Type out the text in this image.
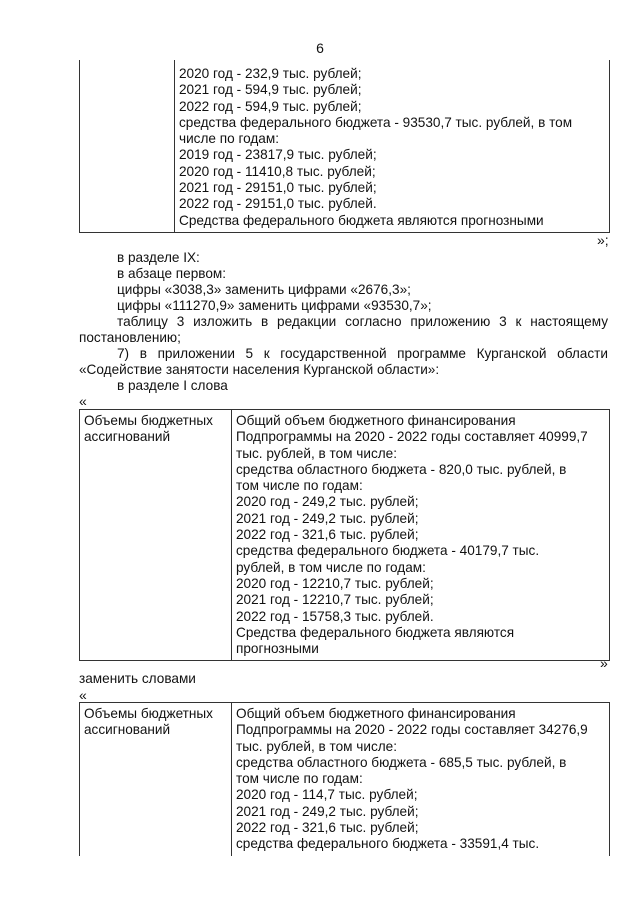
6

2020 год - 232,9 тыс. рублей;
2021 год - 594,9 тыс. рублей;
2022 год - 594,9 тыс. рублей;
средства федерального бюджета - 93530,7 тыс. рублей, в том
числе по годам:
2019 год - 23817,9 тыс. рублей;
2020 год - 11410,8 тыс. рублей;
2021 год - 29151,0 тыс. рублей;
2022 год - 29151,0 тыс. рублей.
Средства федерального бюджета являются прогнозными
»;
в разделе IX:
в абзаце первом:
цифры «3038,3» заменить цифрами «2676,3»;
цифры «111270,9» заменить цифрами «93530,7»;
таблицу 3 изложить в редакции согласно приложению 3 к настоящему
постановлению;
7) в приложении 5 к государственной программе Курганской области
«Содействие занятости населения Курганской области»:
в разделе I слова
«
Объемы бюджетных
ассигнований

Общий объем бюджетного финансирования
Подпрограммы на 2020 - 2022 годы составляет 40999,7
тыс. рублей, в том числе:
средства областного бюджета - 820,0 тыс. рублей, в
том числе по годам:
2020 год - 249,2 тыс. рублей;
2021 год - 249,2 тыс. рублей;
2022 год - 321,6 тыс. рублей;
средства федерального бюджета - 40179,7 тыс.
рублей, в том числе по годам:
2020 год - 12210,7 тыс. рублей;
2021 год - 12210,7 тыс. рублей;
2022 год - 15758,3 тыс. рублей.
Средства федерального бюджета являются
прогнозными
»
заменить словами
«
Объемы бюджетных
ассигнований

Общий объем бюджетного финансирования
Подпрограммы на 2020 - 2022 годы составляет 34276,9
тыс. рублей, в том числе:
средства областного бюджета - 685,5 тыс. рублей, в
том числе по годам:
2020 год - 114,7 тыс. рублей;
2021 год - 249,2 тыс. рублей;
2022 год - 321,6 тыс. рублей;
средства федерального бюджета - 33591,4 тыс.
